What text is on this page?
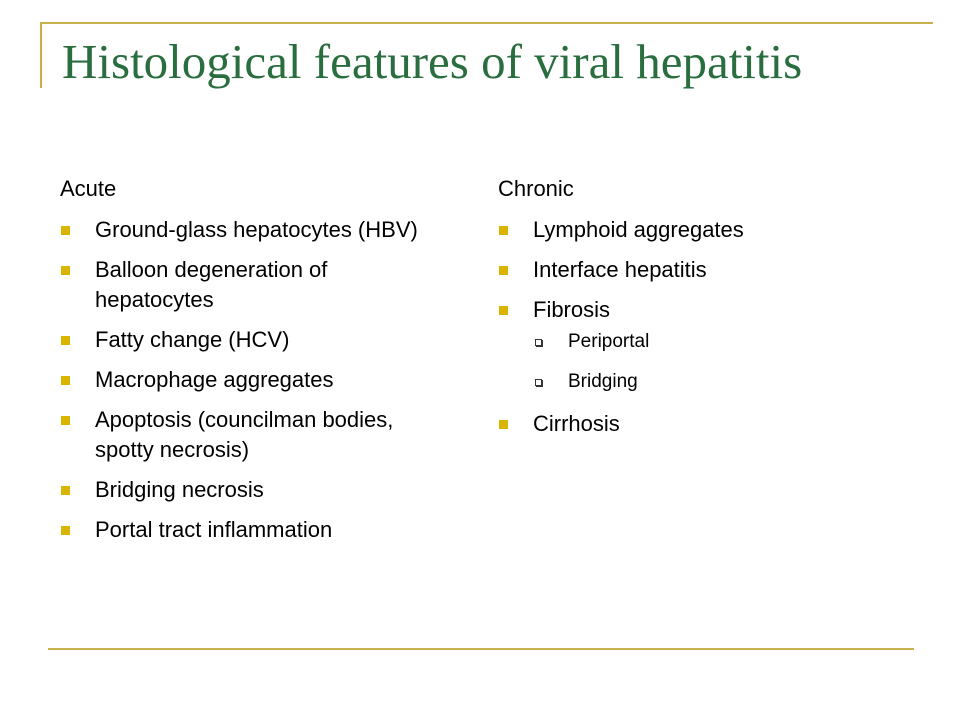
Histological features of viral hepatitis
Acute
Ground-glass hepatocytes (HBV)
Balloon degeneration of hepatocytes
Fatty change (HCV)
Macrophage aggregates
Apoptosis (councilman bodies, spotty necrosis)
Bridging necrosis
Portal tract inflammation
Chronic
Lymphoid aggregates
Interface hepatitis
Fibrosis
Periportal
Bridging
Cirrhosis
